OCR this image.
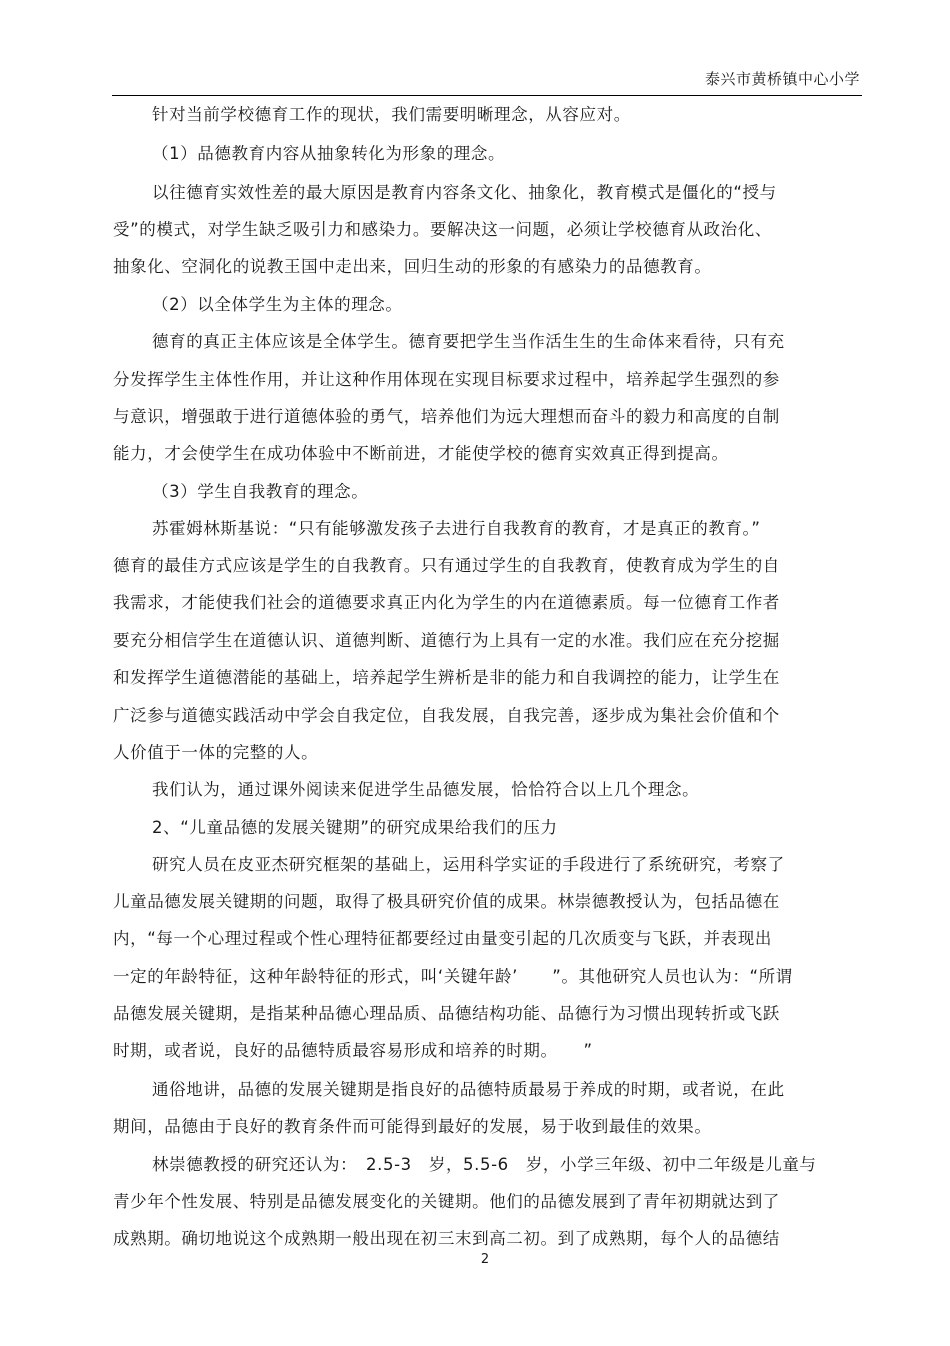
泰兴市黄桥镇中心小学
针对当前学校德育工作的现状，我们需要明晰理念，从容应对。
（1）品德教育内容从抽象转化为形象的理念。
以往德育实效性差的最大原因是教育内容条文化、抽象化，教育模式是僵化的“授与
受”的模式，对学生缺乏吸引力和感染力。要解决这一问题，必须让学校德育从政治化、
抽象化、空洞化的说教王国中走出来，回归生动的形象的有感染力的品德教育。
（2）以全体学生为主体的理念。
德育的真正主体应该是全体学生。德育要把学生当作活生生的生命体来看待，只有充
分发挥学生主体性作用，并让这种作用体现在实现目标要求过程中，培养起学生强烈的参
与意识，增强敢于进行道德体验的勇气，培养他们为远大理想而奋斗的毅力和高度的自制
能力，才会使学生在成功体验中不断前进，才能使学校的德育实效真正得到提高。
（3）学生自我教育的理念。
苏霍姆林斯基说：“只有能够激发孩子去进行自我教育的教育，才是真正的教育。”
德育的最佳方式应该是学生的自我教育。只有通过学生的自我教育，使教育成为学生的自
我需求，才能使我们社会的道德要求真正内化为学生的内在道德素质。每一位德育工作者
要充分相信学生在道德认识、道德判断、道德行为上具有一定的水准。我们应在充分挖掘
和发挥学生道德潜能的基础上，培养起学生辨析是非的能力和自我调控的能力，让学生在
广泛参与道德实践活动中学会自我定位，自我发展，自我完善，逐步成为集社会价值和个
人价值于一体的完整的人。
我们认为，通过课外阅读来促进学生品德发展，恰恰符合以上几个理念。
2、“儿童品德的发展关键期”的研究成果给我们的压力
研究人员在皮亚杰研究框架的基础上，运用科学实证的手段进行了系统研究，考察了
儿童品德发展关键期的问题，取得了极具研究价值的成果。林崇德教授认为，包括品德在
内，“每一个心理过程或个性心理特征都要经过由量变引起的几次质变与飞跃，并表现出
一定的年龄特征，这种年龄特征的形式，叫‘关键年龄’　　”。其他研究人员也认为：“所谓
品德发展关键期，是指某种品德心理品质、品德结构功能、品德行为习惯出现转折或飞跃
时期，或者说，良好的品德特质最容易形成和培养的时期。　　”
通俗地讲，品德的发展关键期是指良好的品德特质最易于养成的时期，或者说，在此
期间，品德由于良好的教育条件而可能得到最好的发展，易于收到最佳的效果。
林崇德教授的研究还认为：　2.5-3　岁，5.5-6　岁，小学三年级、初中二年级是儿童与
青少年个性发展、特别是品德发展变化的关键期。他们的品德发展到了青年初期就达到了
成熟期。确切地说这个成熟期一般出现在初三末到高二初。到了成熟期，每个人的品德结
2
